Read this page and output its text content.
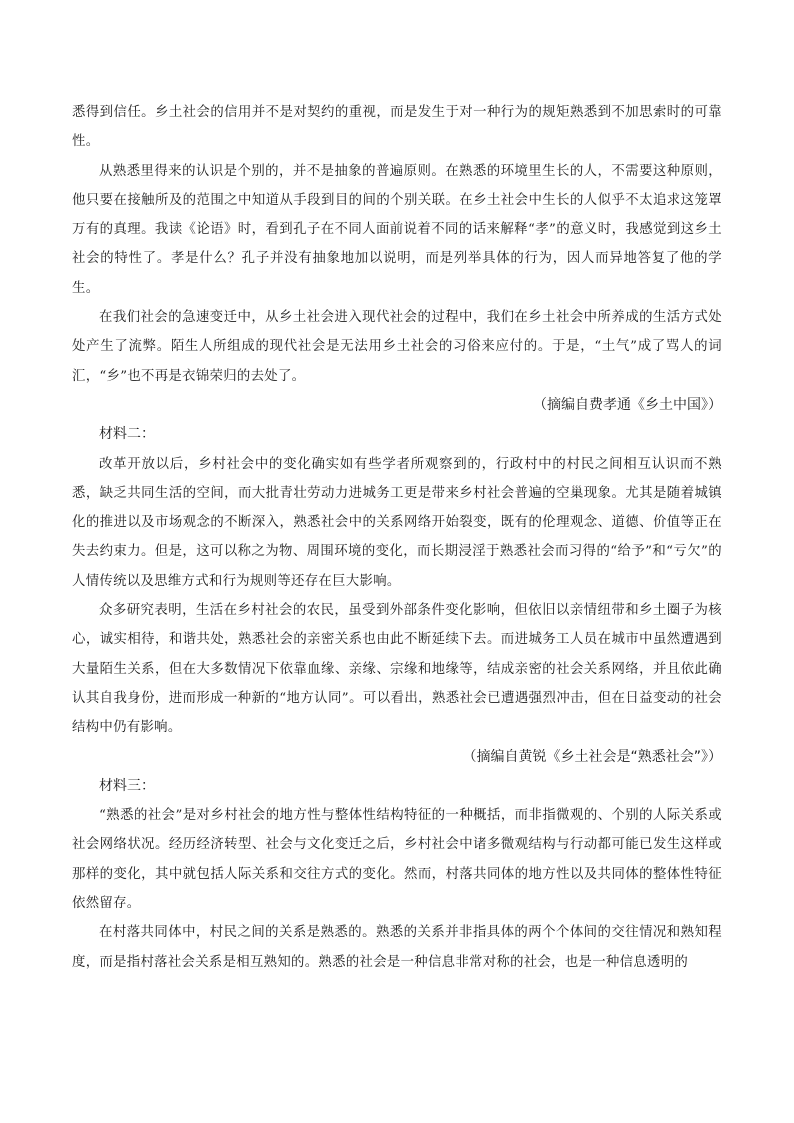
悉得到信任。乡土社会的信用并不是对契约的重视，而是发生于对一种行为的规矩熟悉到不加思索时的可靠性。

从熟悉里得来的认识是个别的，并不是抽象的普遍原则。在熟悉的环境里生长的人，不需要这种原则，他只要在接触所及的范围之中知道从手段到目的间的个别关联。在乡土社会中生长的人似乎不太追求这笼罩万有的真理。我读《论语》时，看到孔子在不同人面前说着不同的话来解释“孝”的意义时，我感觉到这乡土社会的特性了。孝是什么？孔子并没有抽象地加以说明，而是列举具体的行为，因人而异地答复了他的学生。

在我们社会的急速变迁中，从乡土社会进入现代社会的过程中，我们在乡土社会中所养成的生活方式处处产生了流弊。陌生人所组成的现代社会是无法用乡土社会的习俗来应付的。于是，“土气”成了骂人的词汇，“乡”也不再是衣锦荣归的去处了。

（摘编自费孝通《乡土中国》）

材料二：

改革开放以后，乡村社会中的变化确实如有些学者所观察到的，行政村中的村民之间相互认识而不熟悉，缺乏共同生活的空间，而大批青壮劳动力进城务工更是带来乡村社会普遍的空巢现象。尤其是随着城镇化的推进以及市场观念的不断深入，熟悉社会中的关系网络开始裂变，既有的伦理观念、道德、价值等正在失去约束力。但是，这可以称之为物、周围环境的变化，而长期浸淫于熟悉社会而习得的“给予”和“亏欠”的人情传统以及思维方式和行为规则等还存在巨大影响。

众多研究表明，生活在乡村社会的农民，虽受到外部条件变化影响，但依旧以亲情纽带和乡土圈子为核心，诚实相待，和谐共处，熟悉社会的亲密关系也由此不断延续下去。而进城务工人员在城市中虽然遭遇到大量陌生关系，但在大多数情况下依靠血缘、亲缘、宗缘和地缘等，结成亲密的社会关系网络，并且依此确认其自我身份，进而形成一种新的“地方认同”。可以看出，熟悉社会已遭遇强烈冲击，但在日益变动的社会结构中仍有影响。

（摘编自黄锐《乡土社会是“熟悉社会”》）

材料三：

“熟悉的社会”是对乡村社会的地方性与整体性结构特征的一种概括，而非指微观的、个别的人际关系或社会网络状况。经历经济转型、社会与文化变迁之后，乡村社会中诸多微观结构与行动都可能已发生这样或那样的变化，其中就包括人际关系和交往方式的变化。然而，村落共同体的地方性以及共同体的整体性特征依然留存。

在村落共同体中，村民之间的关系是熟悉的。熟悉的关系并非指具体的两个个体间的交往情况和熟知程度，而是指村落社会关系是相互熟知的。熟悉的社会是一种信息非常对称的社会，也是一种信息透明的
